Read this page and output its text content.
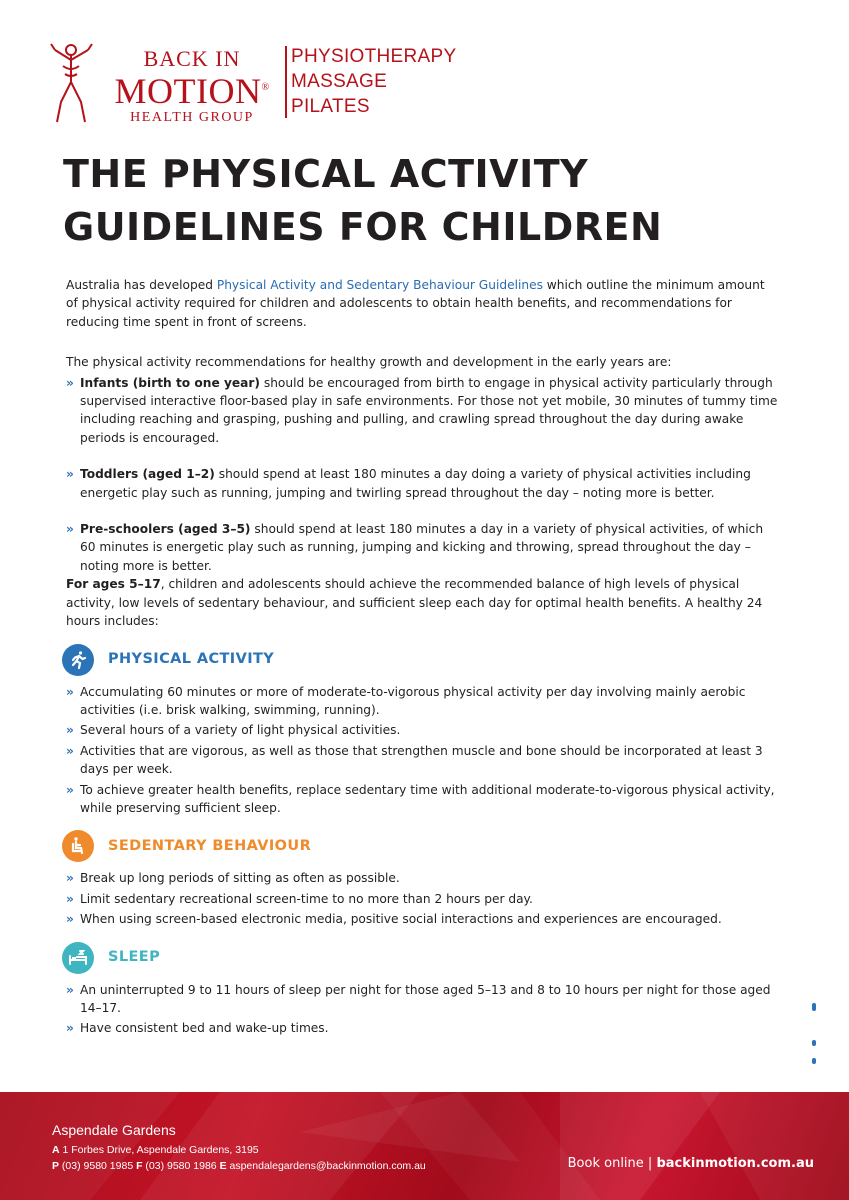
BACK IN
MOTION®
HEALTH GROUP
PHYSIOTHERAPY
MASSAGE
PILATES
THE PHYSICAL ACTIVITY
GUIDELINES FOR CHILDREN

Australia has developed Physical Activity and Sedentary Behaviour Guidelines which outline the minimum amount of physical activity required for children and adolescents to obtain health benefits, and recommendations for reducing time spent in front of screens.

The physical activity recommendations for healthy growth and development in the early years are:

» Infants (birth to one year) should be encouraged from birth to engage in physical activity particularly through supervised interactive floor-based play in safe environments. For those not yet mobile, 30 minutes of tummy time including reaching and grasping, pushing and pulling, and crawling spread throughout the day during awake periods is encouraged.
» Toddlers (aged 1–2) should spend at least 180 minutes a day doing a variety of physical activities including energetic play such as running, jumping and twirling spread throughout the day – noting more is better.
» Pre-schoolers (aged 3–5) should spend at least 180 minutes a day in a variety of physical activities, of which 60 minutes is energetic play such as running, jumping and kicking and throwing, spread throughout the day – noting more is better.

For ages 5–17, children and adolescents should achieve the recommended balance of high levels of physical activity, low levels of sedentary behaviour, and sufficient sleep each day for optimal health benefits. A healthy 24 hours includes:

PHYSICAL ACTIVITY
» Accumulating 60 minutes or more of moderate-to-vigorous physical activity per day involving mainly aerobic activities (i.e. brisk walking, swimming, running).
» Several hours of a variety of light physical activities.
» Activities that are vigorous, as well as those that strengthen muscle and bone should be incorporated at least 3 days per week.
» To achieve greater health benefits, replace sedentary time with additional moderate-to-vigorous physical activity, while preserving sufficient sleep.
SEDENTARY BEHAVIOUR
» Break up long periods of sitting as often as possible.
» Limit sedentary recreational screen-time to no more than 2 hours per day.
» When using screen-based electronic media, positive social interactions and experiences are encouraged.
SLEEP
» An uninterrupted 9 to 11 hours of sleep per night for those aged 5–13 and 8 to 10 hours per night for those aged 14–17.
» Have consistent bed and wake-up times.
Aspendale Gardens
A 1 Forbes Drive, Aspendale Gardens, 3195
P (03) 9580 1985 F (03) 9580 1986 E aspendalegardens@backinmotion.com.au	Book online | backinmotion.com.au
